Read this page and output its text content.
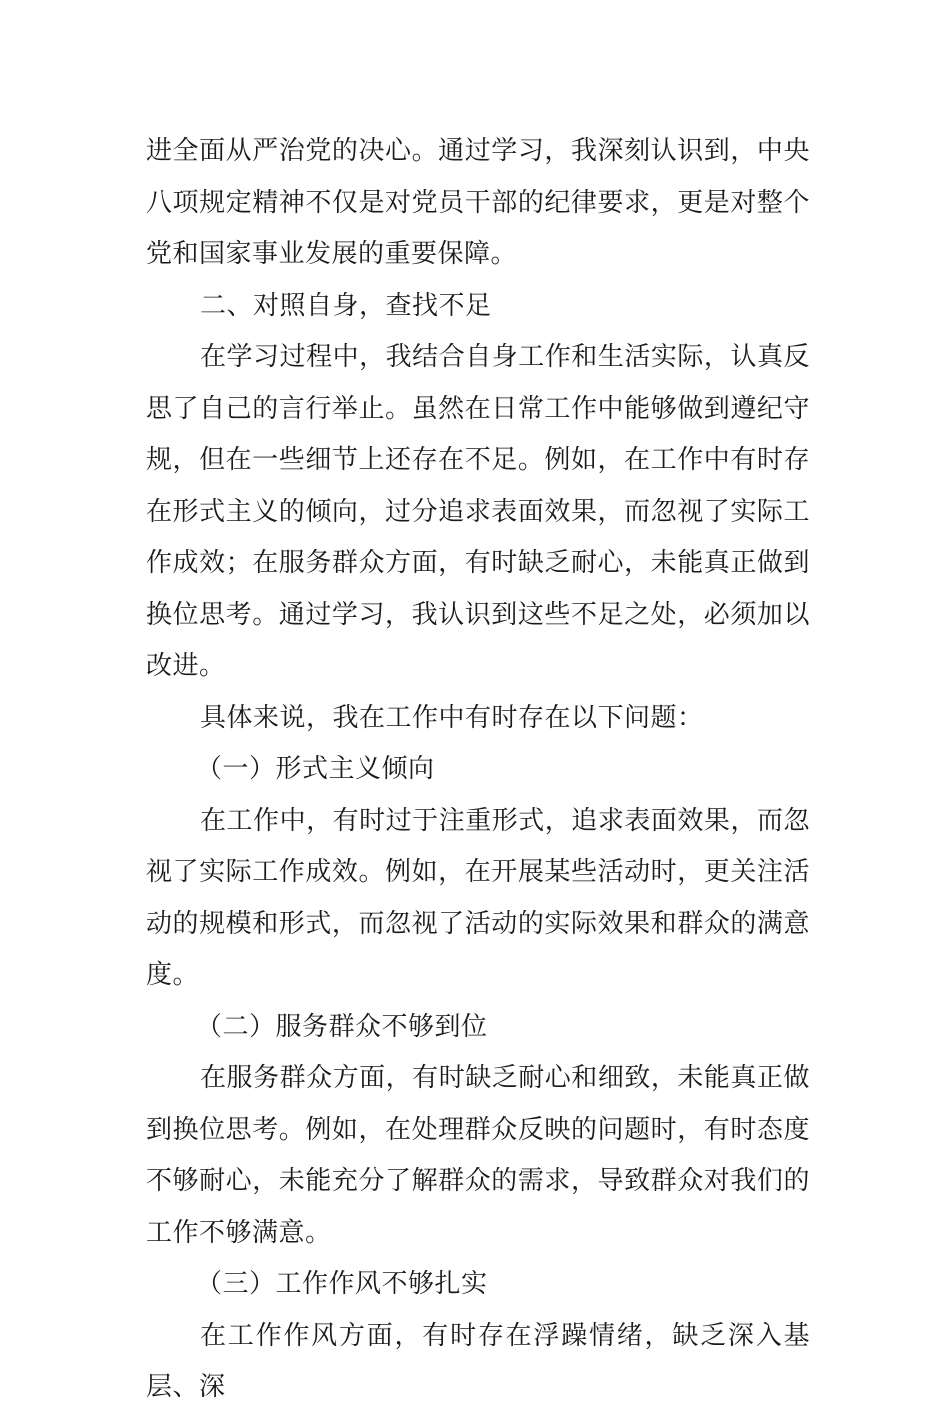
进全面从严治党的决心。通过学习，我深刻认识到，中央八项规定精神不仅是对党员干部的纪律要求，更是对整个党和国家事业发展的重要保障。

二、对照自身，查找不足

在学习过程中，我结合自身工作和生活实际，认真反思了自己的言行举止。虽然在日常工作中能够做到遵纪守规，但在一些细节上还存在不足。例如，在工作中有时存在形式主义的倾向，过分追求表面效果，而忽视了实际工作成效；在服务群众方面，有时缺乏耐心，未能真正做到换位思考。通过学习，我认识到这些不足之处，必须加以改进。

具体来说，我在工作中有时存在以下问题：

（一）形式主义倾向

在工作中，有时过于注重形式，追求表面效果，而忽视了实际工作成效。例如，在开展某些活动时，更关注活动的规模和形式，而忽视了活动的实际效果和群众的满意度。

（二）服务群众不够到位

在服务群众方面，有时缺乏耐心和细致，未能真正做到换位思考。例如，在处理群众反映的问题时，有时态度不够耐心，未能充分了解群众的需求，导致群众对我们的工作不够满意。

（三）工作作风不够扎实

在工作作风方面，有时存在浮躁情绪，缺乏深入基层、深
